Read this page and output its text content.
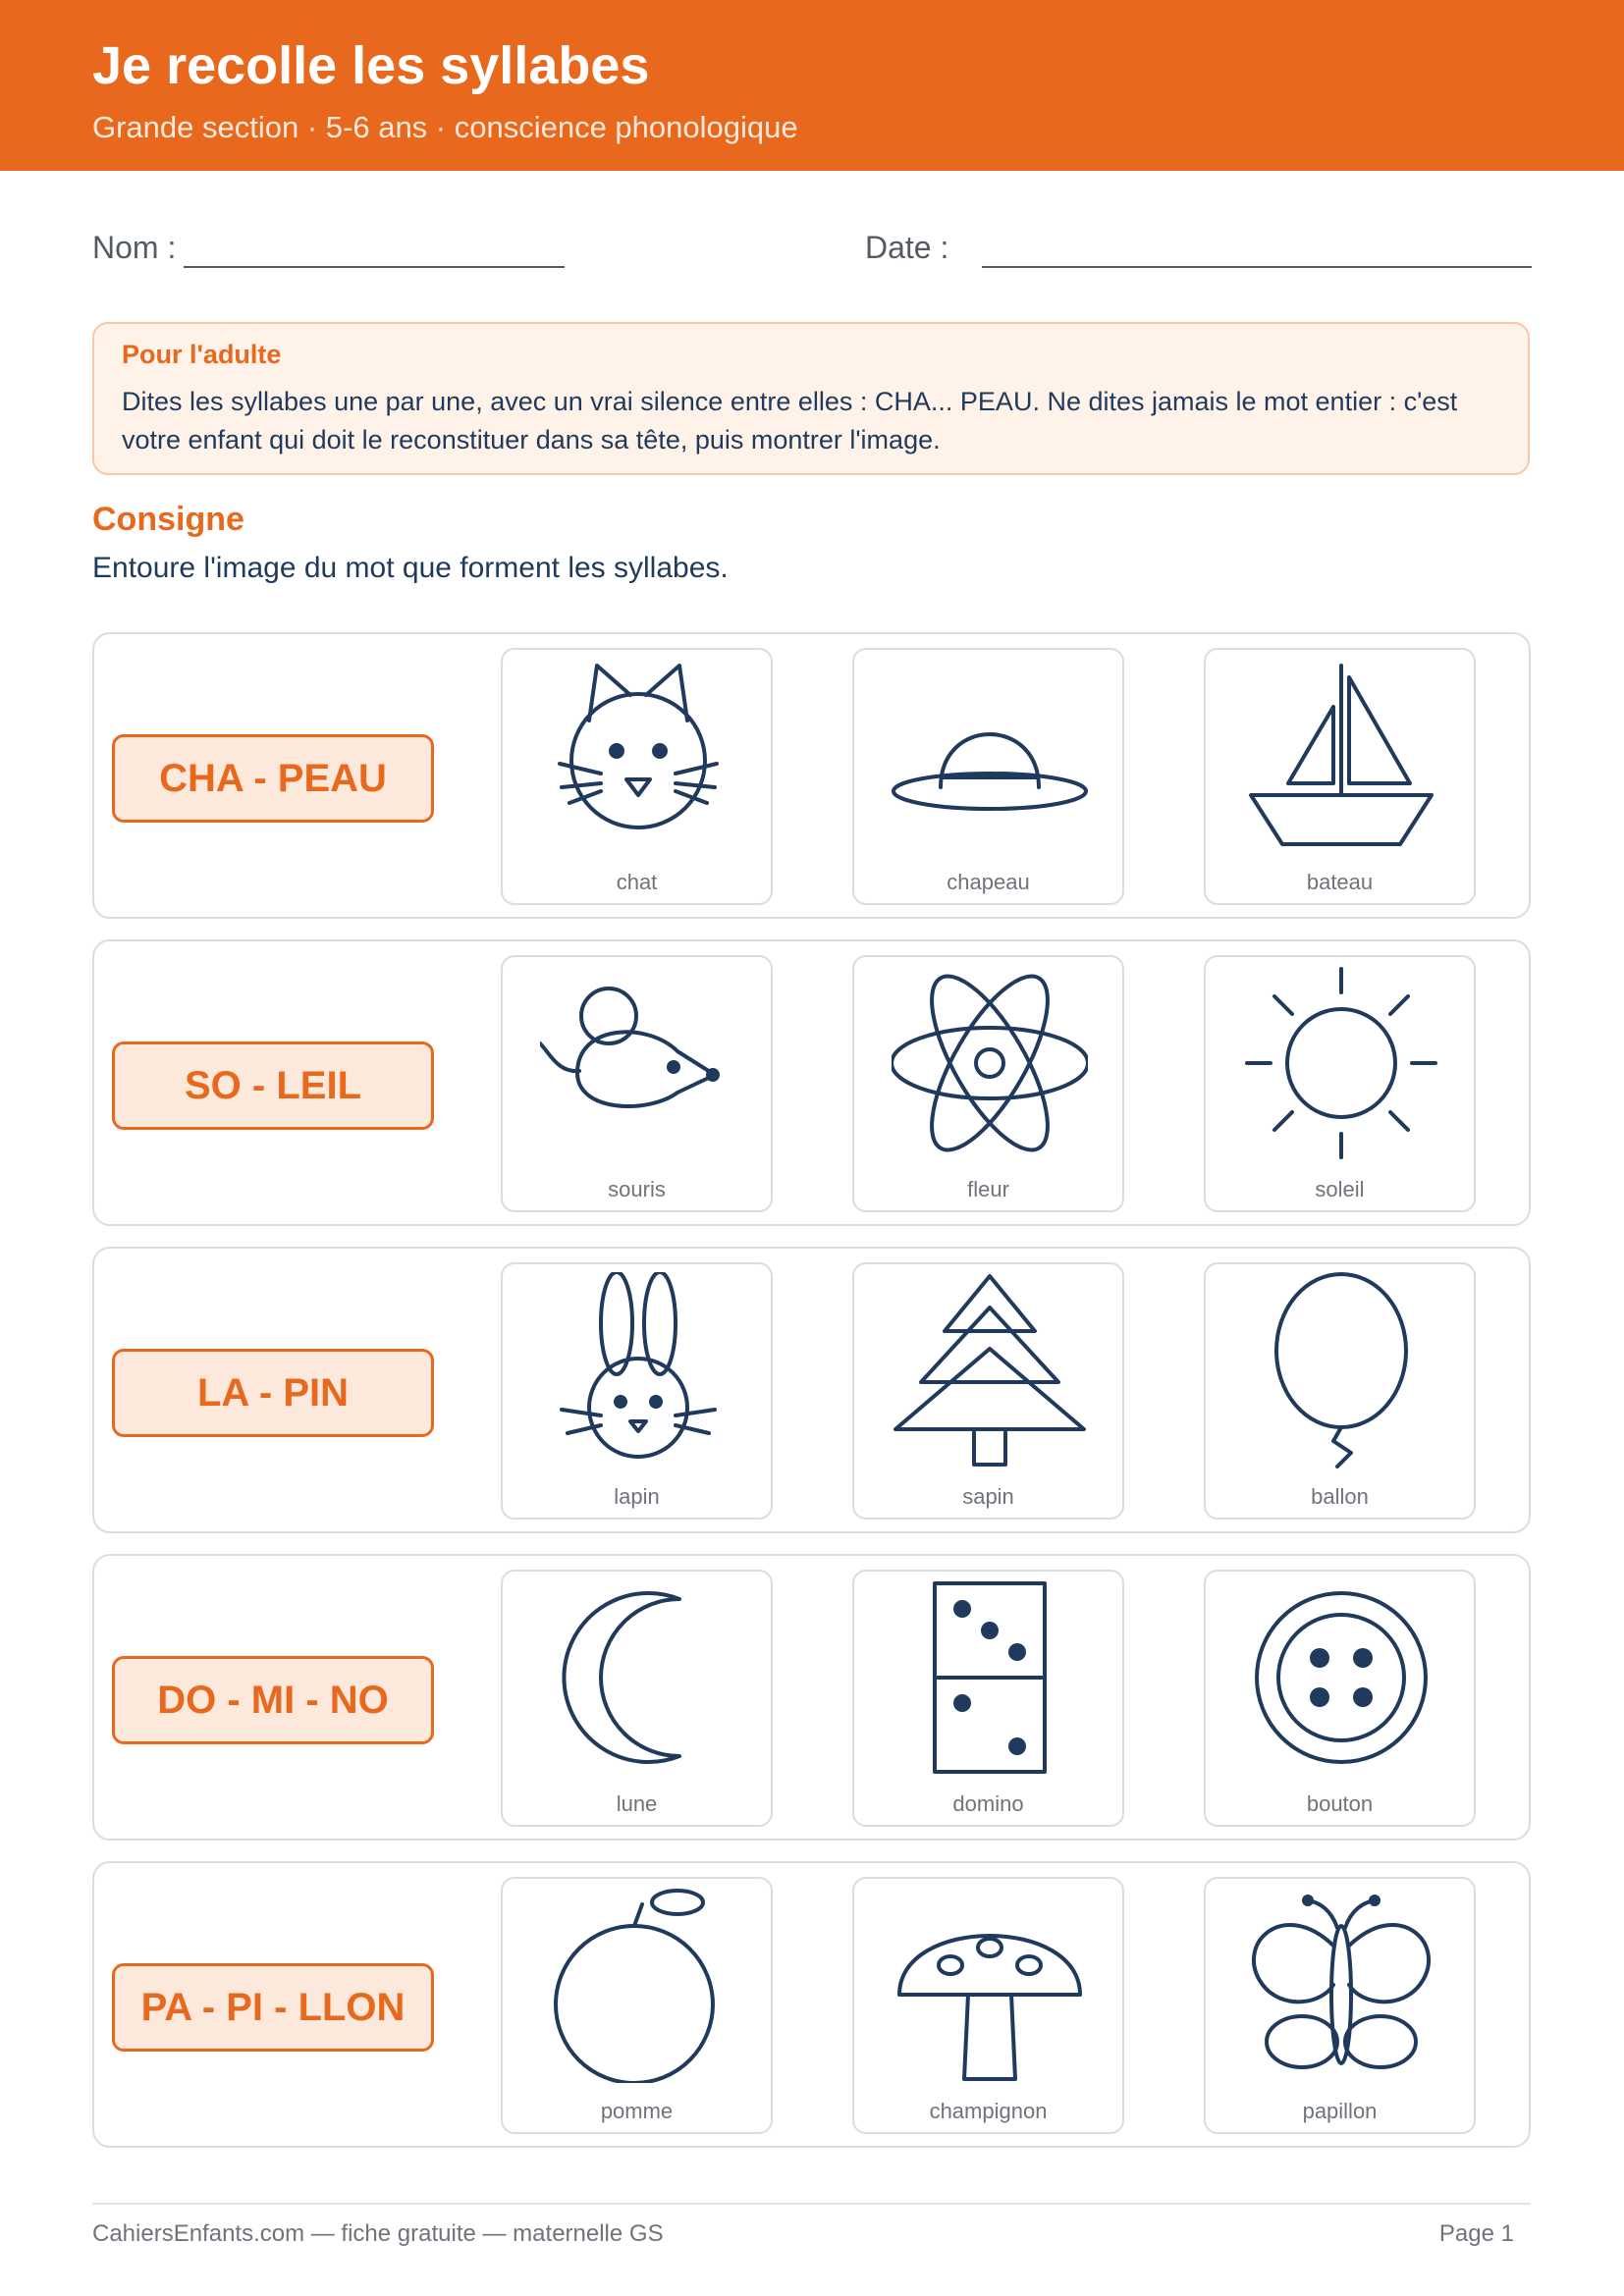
Je recolle les syllabes
Grande section · 5-6 ans · conscience phonologique
Nom :	Date :
Pour l'adulte
Dites les syllabes une par une, avec un vrai silence entre elles : CHA... PEAU. Ne dites jamais le mot entier : c'est votre enfant qui doit le reconstituer dans sa tête, puis montrer l'image.
Consigne
Entoure l'image du mot que forment les syllabes.
CHA - PEAU
chat	chapeau	bateau
SO - LEIL
souris	fleur	soleil
LA - PIN
lapin	sapin	ballon
DO - MI - NO
lune	domino	bouton
PA - PI - LLON
pomme	champignon	papillon
CahiersEnfants.com — fiche gratuite — maternelle GS	Page 1
